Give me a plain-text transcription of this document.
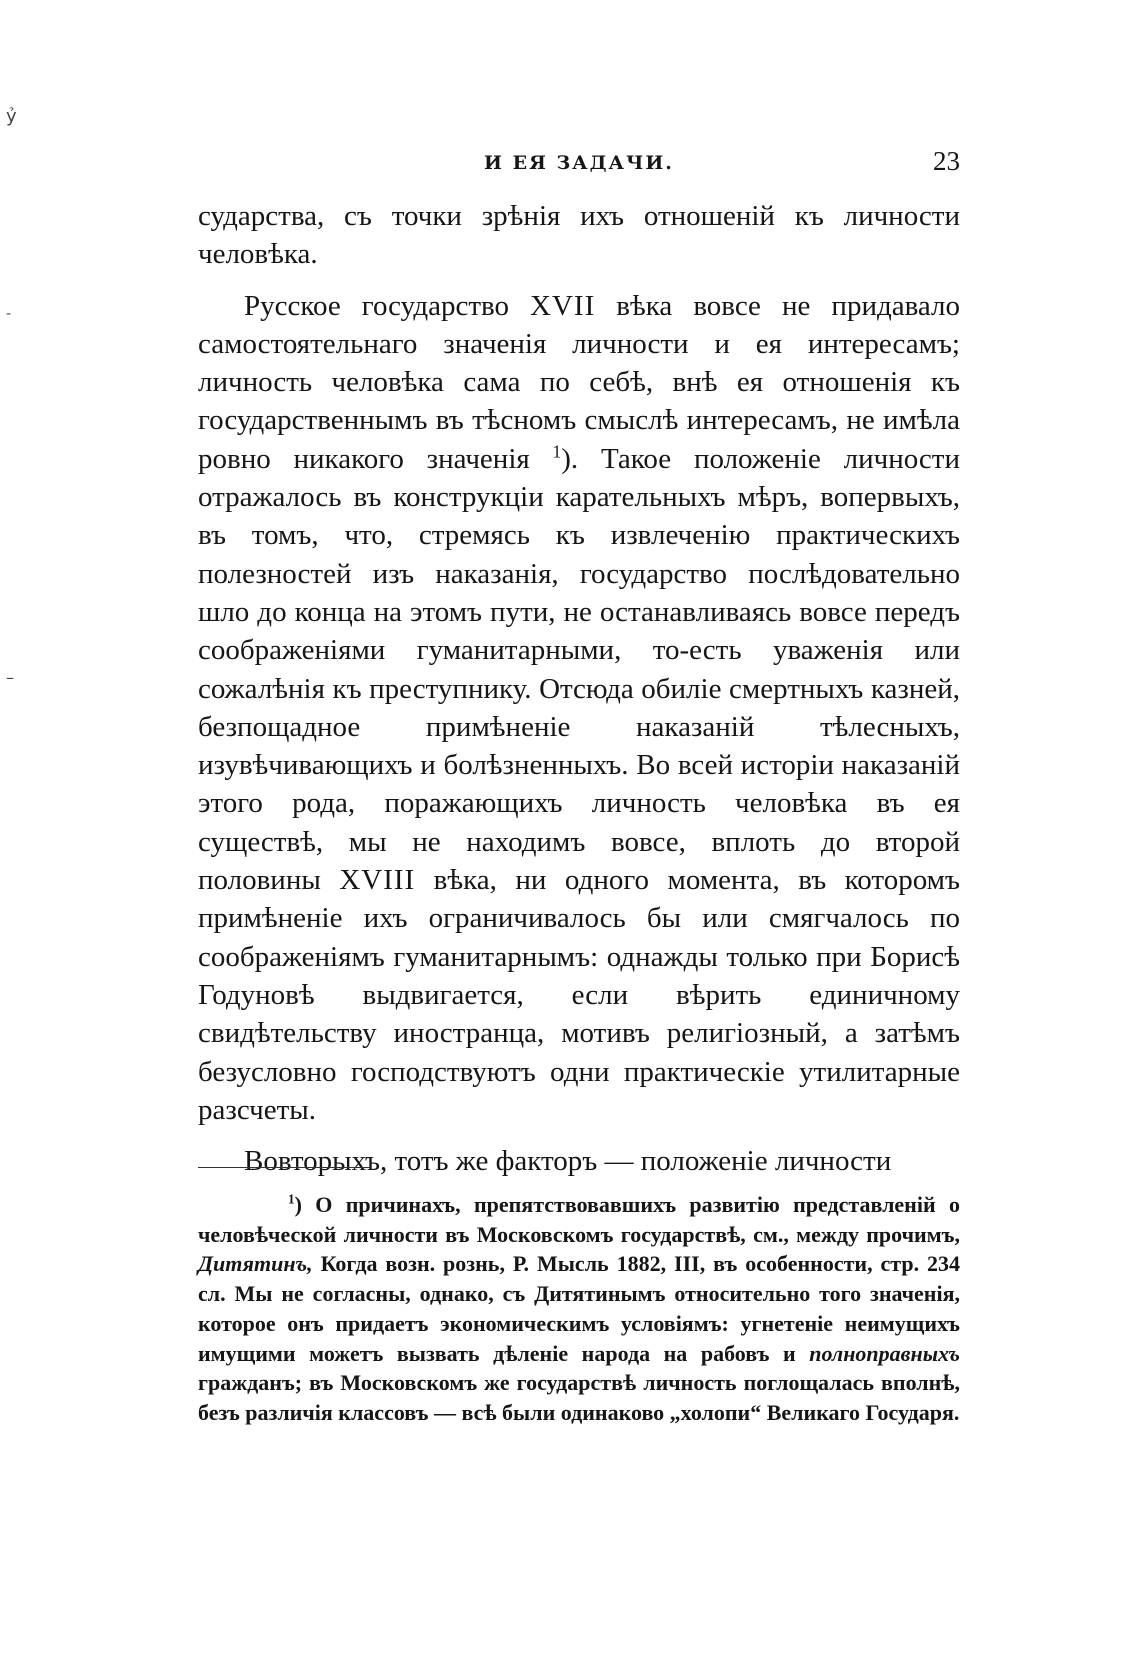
ỷ
‐
–
И ЕЯ ЗАДАЧИ.	23

сударства, съ точки зрѣнія ихъ отношеній къ личности человѣка.

Русское государство XVII вѣка вовсе не придавало самостоятельнаго значенія личности и ея интересамъ; личность человѣка сама по себѣ, внѣ ея отношенія къ государственнымъ въ тѣсномъ смыслѣ интересамъ, не имѣла ровно никакого значенія $^1$). Такое положеніе личности отражалось въ конструкціи карательныхъ мѣръ, вопервыхъ, въ томъ, что, стремясь къ извлеченію практическихъ полезностей изъ наказанія, государство послѣдовательно шло до конца на этомъ пути, не останавливаясь вовсе передъ соображеніями гуманитарными, то-есть уваженія или сожалѣнія къ преступнику. Отсюда обиліе смертныхъ казней, безпощадное примѣненіе наказаній тѣлесныхъ, изувѣчивающихъ и болѣзненныхъ. Во всей исторіи наказаній этого рода, поражающихъ личность человѣка въ ея существѣ, мы не находимъ вовсе, вплоть до второй половины XVIII вѣка, ни одного момента, въ которомъ примѣненіе ихъ ограничивалось бы или смягчалось по соображеніямъ гуманитарнымъ: однажды только при Борисѣ Годуновѣ выдвигается, если вѣрить единичному свидѣтельству иностранца, мотивъ религіозный, а затѣмъ безусловно господствуютъ одни практическіе утилитарные разсчеты.

Вовторыхъ, тотъ же факторъ — положеніе личности

$^1$) О причинахъ, препятствовавшихъ развитію представленій о человѣческой личности въ Московскомъ государствѣ, см., между прочимъ, Дитятинъ, Когда возн. рознь, Р. Мысль 1882, III, въ особенности, стр. 234 сл. Мы не согласны, однако, съ Дитятинымъ относительно того значенія, которое онъ придаетъ экономическимъ условіямъ: угнетеніе неимущихъ имущими можетъ вызвать дѣленіе народа на рабовъ и полноправныхъ гражданъ; въ Московскомъ же государствѣ личность поглощалась вполнѣ, безъ различія классовъ — всѣ были одинаково „холопи“ Великаго Государя.
